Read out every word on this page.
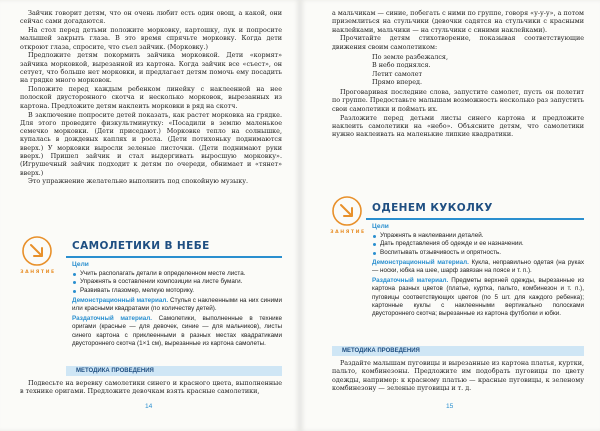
Зайчик говорит детям, что он очень любит есть один овощ, а какой, они сейчас сами догадаются.

На стол перед детьми положите морковку, картошку, лук и попросите малышей закрыть глаза. В это время спрячьте морковку. Когда дети откроют глаза, спросите, что съел зайчик. (Морковку.)

Предложите детям покормить зайчика морковкой. Дети «кормят» зайчика морковкой, вырезанной из картона. Когда зайчик все «съест», он сетует, что больше нет морковки, и предлагает детям помочь ему посадить на грядке много морковок.

Положите перед каждым ребенком линейку с наклеенной на нее полоской двусторонного скотча и несколько морковок, вырезанных из картона. Предложите детям наклеить морковки в ряд на скотч.

В заключение попросите детей показать, как растет морковка на грядке. Для этого проведите физкультминутку: «Посадили в землю маленькое семечко морковки. (Дети приседают.) Морковке тепло на солнышке, купалась в дождевых каплях и росла. (Дети потихоньку поднимаются вверх.) У морковки выросли зеленые листочки. (Дети поднимают руки вверх.) Пришел зайчик и стал выдергивать выросшую морковку». (Игрушечный зайчик подходит к детям по очереди, обнимает и «тянет» вверх.)

Это упражнение желательно выполнить под спокойную музыку.

ЗАНЯТИЕ
САМОЛЕТИКИ В НЕБЕ
Цели
Учить располагать детали в определенном месте листа.
Упражнять в составлении композиции на листе бумаги.
Развивать глазомер, мелкую моторику.
Демонстрационный материал. Стулья с наклеенными на них синими или красными квадратами (по количеству детей).
Раздаточный материал. Самолетики, выполненные в технике оригами (красные — для девочек, синие — для мальчиков), листы синего картона с приклеенными в разных местах квадратиками двустороннего скотча (1×1 см), вырезанные из картона самолеты.
МЕТОДИКА ПРОВЕДЕНИЯ

Подвесьте на веревку самолетики синего и красного цвета, выполненные в технике оригами. Предложите девочкам взять красные самолетики,

14

а мальчикам — синие, побегать с ними по группе, говоря «у-у-у», а потом приземлиться на стульчики (девочки садятся на стульчики с красными наклейками, мальчики — на стульчики с синими наклейками).

Прочитайте детям стихотворение, показывая соответствующие движения своим самолетиком:

По земле разбежался,
В небо поднялся.
Летит самолет
Прямо вперед.

Проговаривая последние слова, запустите самолет, пусть он полетит по группе. Предоставьте малышам возможность несколько раз запустить свои самолетики и поймать их.

Разложите перед детьми листы синего картона и предложите наклеить самолетики на «небо». Объясните детям, что самолетики нужно наклеивать на маленькие липкие квадратики.

ЗАНЯТИЕ
ОДЕНЕМ КУКОЛКУ
Цели
Упражнять в наклеивании деталей.
Дать представления об одежде и ее назначении.
Воспитывать отзывчивость и опрятность.
Демонстрационный материал. Кукла, неправильно одетая (на руках — носки, юбка на шее, шарф завязан на поясе и т. п.).
Раздаточный материал. Предметы верхней одежды, вырезанные из картона разных цветов (платье, куртка, пальто, комбинезон и т. п.), пуговицы соответствующих цветов (по 5 шт. для каждого ребенка); картонные куклы с наклеенными вертикально полосками двустороннего скотча; вырезанные из картона футболки и юбки.
МЕТОДИКА ПРОВЕДЕНИЯ

Раздайте малышам пуговицы и вырезанные из картона платья, куртки, пальто, комбинезоны. Предложите им подобрать пуговицы по цвету одежды, например: к красному платью — красные пуговицы, к зеленому комбинезону — зеленые пуговицы и т. д.

15
